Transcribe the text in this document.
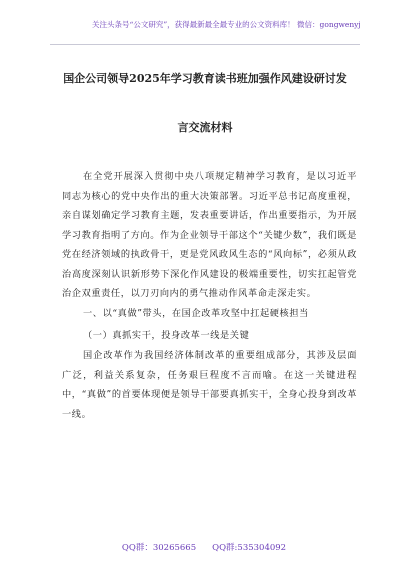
关注头条号“公文研究”，获得最新最全最专业的公文资料库！ 微信：gongwenyj
国企公司领导2025年学习教育读书班加强作风建设研讨发
言交流材料

在全党开展深入贯彻中央八项规定精神学习教育，是以习近平同志为核心的党中央作出的重大决策部署。习近平总书记高度重视，亲自谋划确定学习教育主题，发表重要讲话，作出重要指示，为开展学习教育指明了方向。作为企业领导干部这个“关键少数”，我们既是党在经济领域的执政骨干，更是党风政风生态的“风向标”，必须从政治高度深刻认识新形势下深化作风建设的极端重要性，切实扛起管党治企双重责任，以刀刃向内的勇气推动作风革命走深走实。

一、以“真做”带头，在国企改革攻坚中扛起硬核担当

（一）真抓实干，投身改革一线是关键

国企改革作为我国经济体制改革的重要组成部分，其涉及层面广泛，利益关系复杂，任务艰巨程度不言而喻。在这一关键进程中，“真做”的首要体现便是领导干部要真抓实干，全身心投身到改革一线。

QQ群：30265665 QQ群:535304092
